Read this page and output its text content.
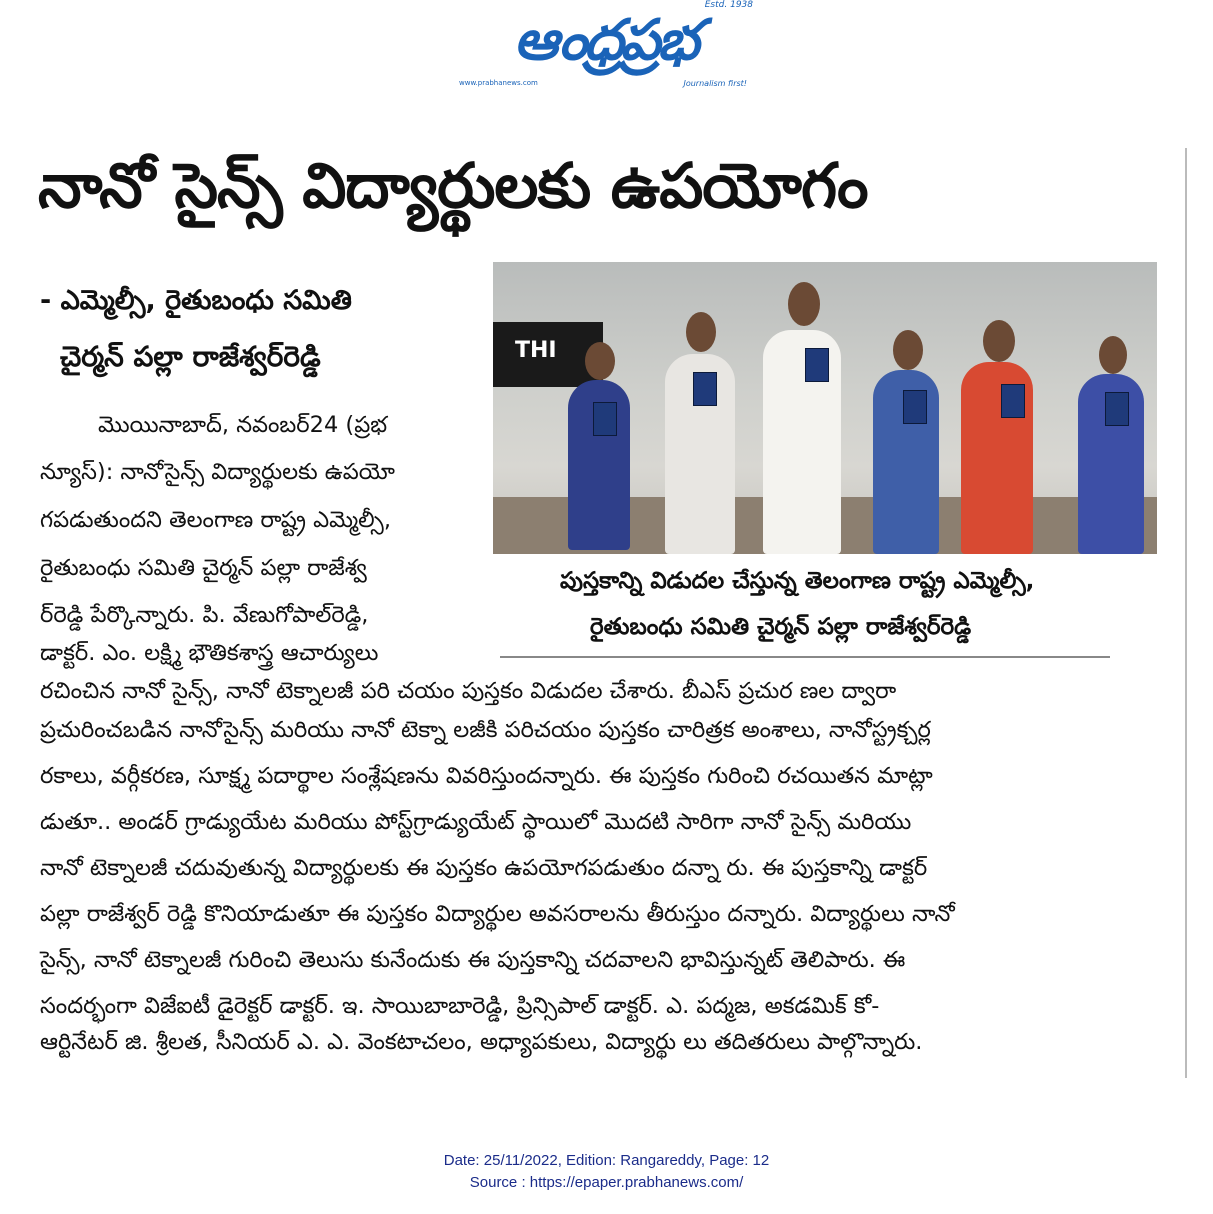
ఆంధ్రప్రభ
Estd. 1938
www.prabhanews.com	Journalism first!
నానో సైన్స్ విద్యార్థులకు ఉపయోగం
- ఎమ్మెల్సీ, రైతుబంధు సమితి
చైర్మన్ పల్లా రాజేశ్వర్‌రెడ్డి	THI
పుస్తకాన్ని విడుదల చేస్తున్న తెలంగాణ రాష్ట్ర ఎమ్మెల్సీ,
రైతుబంధు సమితి చైర్మన్ పల్లా రాజేశ్వర్‌రెడ్డి
మొయినాబాద్, నవంబర్24 (ప్రభ
న్యూస్): నానోసైన్స్ విద్యార్థులకు ఉపయో
గపడుతుందని తెలంగాణ రాష్ట్ర ఎమ్మెల్సీ,
రైతుబంధు సమితి చైర్మన్ పల్లా రాజేశ్వ
ర్‌రెడ్డి పేర్కొన్నారు. పి. వేణుగోపాల్‌రెడ్డి,
డాక్టర్. ఎం. లక్ష్మి భౌతికశాస్త్ర ఆచార్యులు
రచించిన నానో సైన్స్, నానో టెక్నాలజీ పరి చయం పుస్తకం విడుదల చేశారు. బీఎస్ ప్రచుర ణల ద్వారా
ప్రచురించబడిన నానోసైన్స్ మరియు నానో టెక్నా లజీకి పరిచయం పుస్తకం చారిత్రక అంశాలు, నానోస్ట్రక్చర్ల
రకాలు, వర్గీకరణ, సూక్ష్మ పదార్థాల సంశ్లేషణను వివరిస్తుందన్నారు. ఈ పుస్తకం గురించి రచయితన మాట్లా
డుతూ.. అండర్ గ్రాడ్యుయేట మరియు పోస్ట్‌గ్రాడ్యుయేట్ స్థాయిలో మొదటి సారిగా నానో సైన్స్ మరియు
నానో టెక్నాలజీ చదువుతున్న విద్యార్థులకు ఈ పుస్తకం ఉపయోగపడుతుం దన్నా రు. ఈ పుస్తకాన్ని డాక్టర్
పల్లా రాజేశ్వర్ రెడ్డి కొనియాడుతూ ఈ పుస్తకం విద్యార్థుల అవసరాలను తీరుస్తుం దన్నారు. విద్యార్థులు నానో
సైన్స్, నానో టెక్నాలజీ గురించి తెలుసు కునేందుకు ఈ పుస్తకాన్ని చదవాలని భావిస్తున్నట్ తెలిపారు. ఈ
సందర్భంగా విజేఐటీ డైరెక్టర్ డాక్టర్. ఇ. సాయిబాబారెడ్డి, ప్రిన్సిపాల్ డాక్టర్. ఎ. పద్మజ, అకడమిక్ కో-
ఆర్టినేటర్ జి. శ్రీలత, సీనియర్ ఎ. ఎ. వెంకటాచలం, అధ్యాపకులు, విద్యార్థు లు తదితరులు పాల్గొన్నారు.
Date: 25/11/2022, Edition: Rangareddy, Page: 12
Source : https://epaper.prabhanews.com/
